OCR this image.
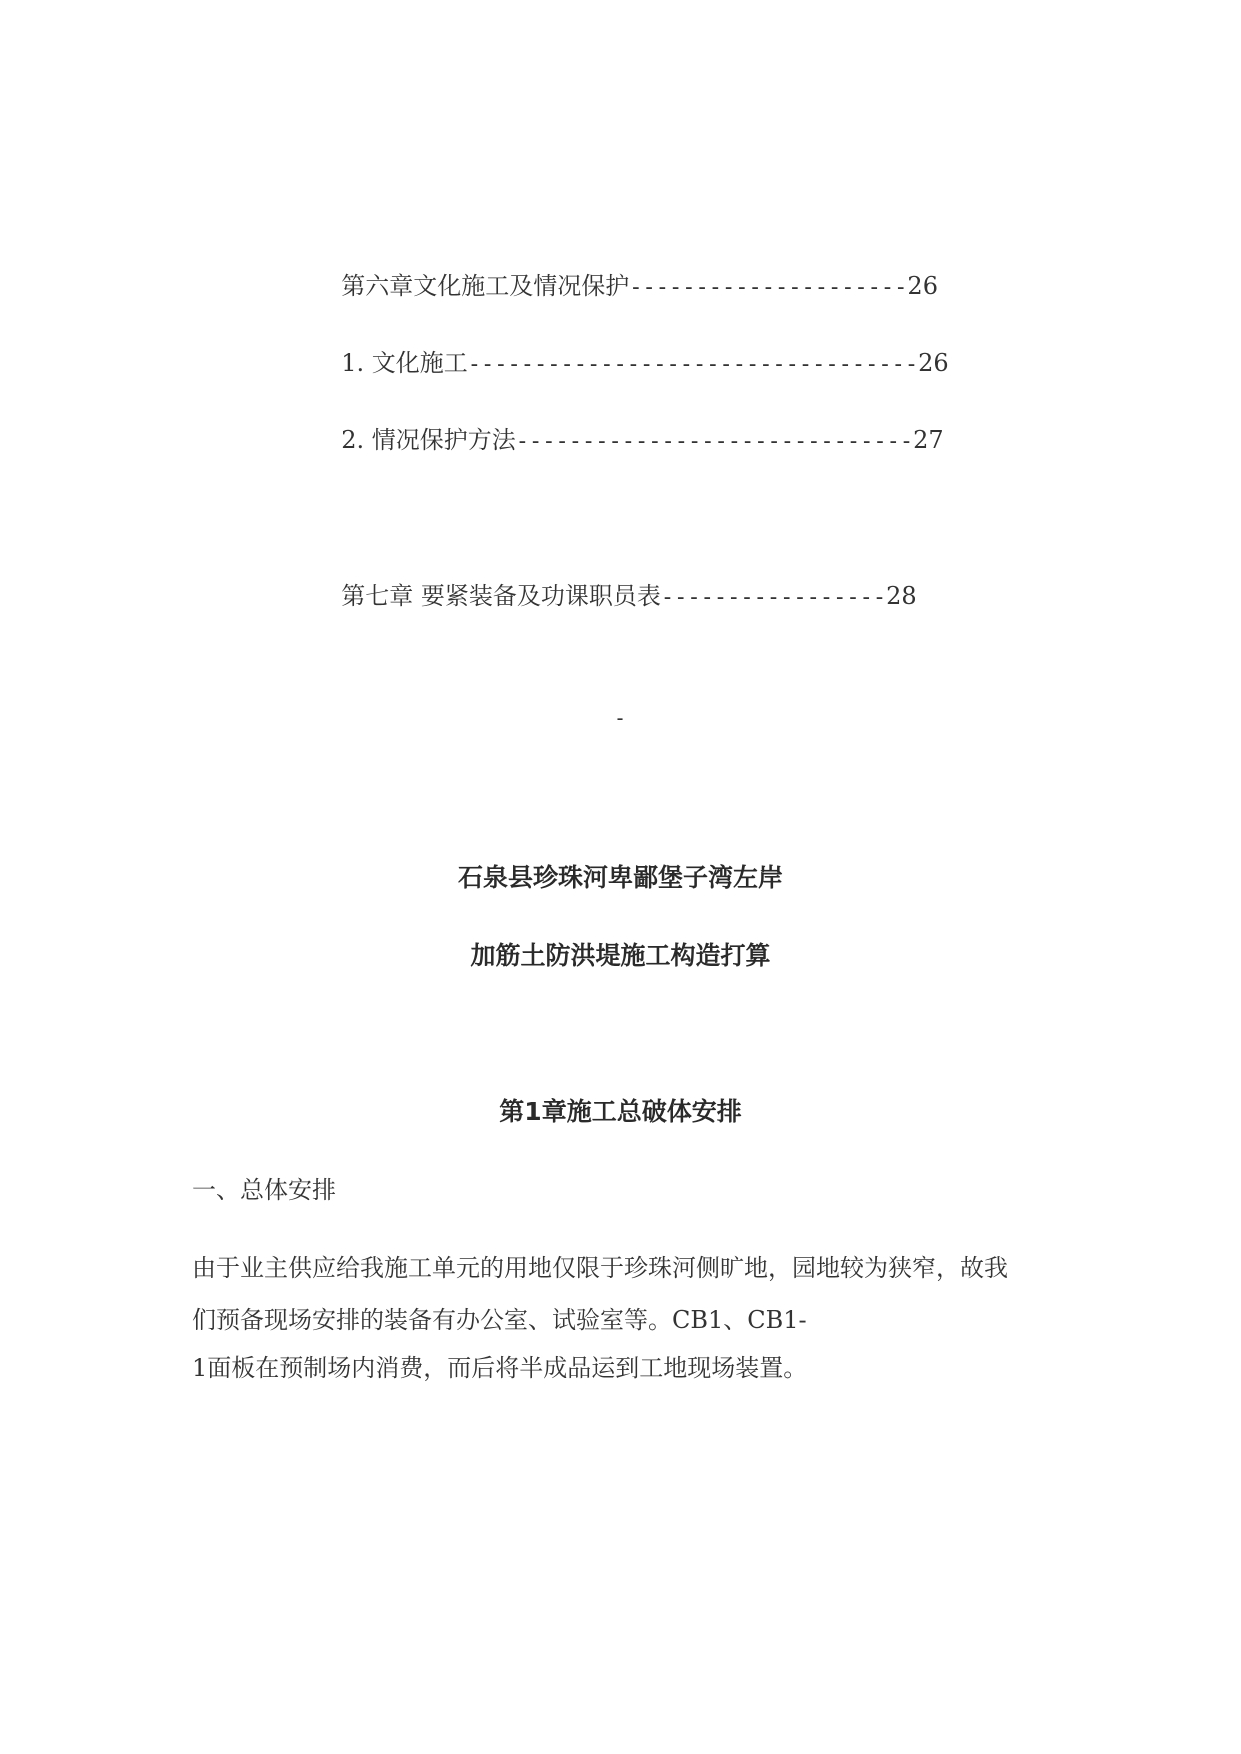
第六章文化施工及情况保护---------------------26

1. 文化施工----------------------------------26

2. 情况保护方法------------------------------27

第七章 要紧装备及功课职员表-----------------28

-
石泉县珍珠河卑鄙堡子湾左岸
加筋土防洪堤施工构造打算
第1章施工总破体安排
一、总体安排
由于业主供应给我施工单元的用地仅限于珍珠河侧旷地，园地较为狭窄，故我
们预备现场安排的装备有办公室、试验室等。CB1、CB1-
1面板在预制场内消费，而后将半成品运到工地现场装置。
